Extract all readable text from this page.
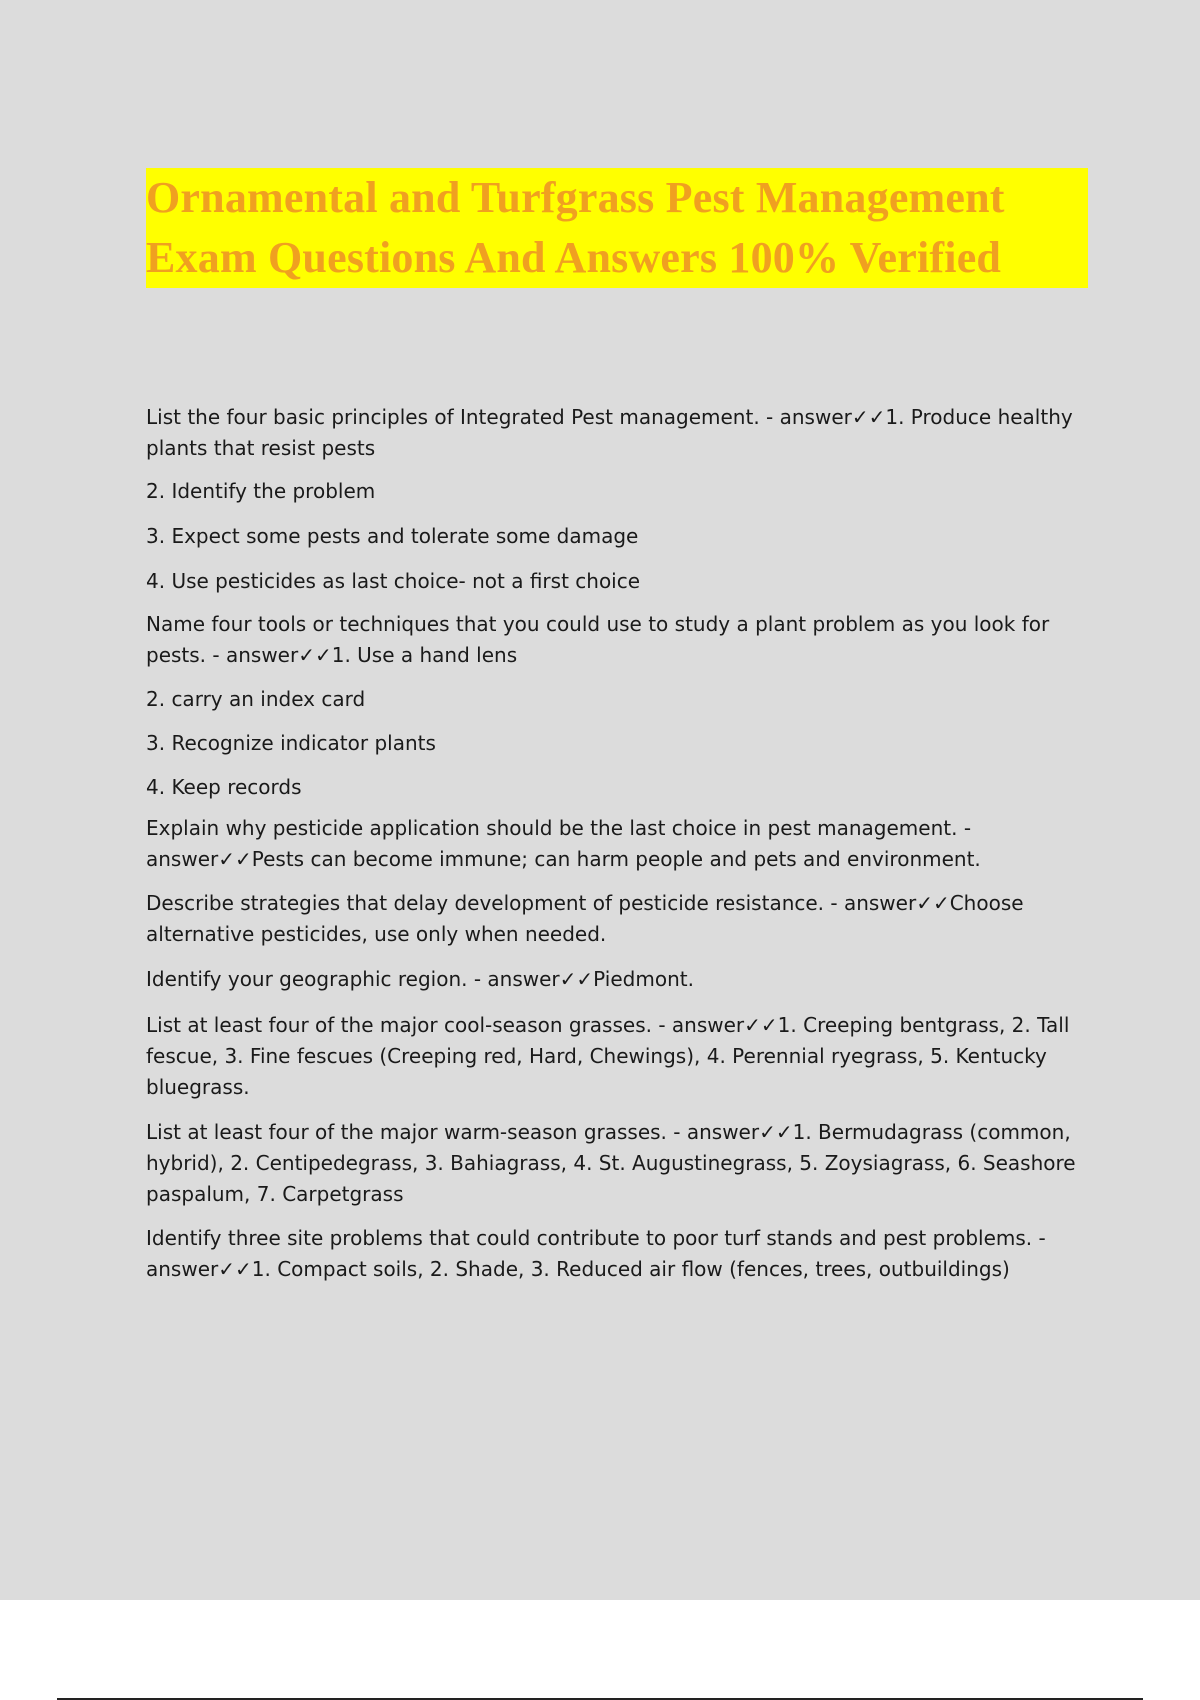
Ornamental and Turfgrass Pest Management
Exam Questions And Answers 100% Verified

List the four basic principles of Integrated Pest management. - answer✓✓1. Produce healthy
plants that resist pests

2. Identify the problem

3. Expect some pests and tolerate some damage

4. Use pesticides as last choice- not a first choice

Name four tools or techniques that you could use to study a plant problem as you look for
pests. - answer✓✓1. Use a hand lens

2. carry an index card

3. Recognize indicator plants

4. Keep records

Explain why pesticide application should be the last choice in pest management. -
answer✓✓Pests can become immune; can harm people and pets and environment.

Describe strategies that delay development of pesticide resistance. - answer✓✓Choose
alternative pesticides, use only when needed.

Identify your geographic region. - answer✓✓Piedmont.

List at least four of the major cool-season grasses. - answer✓✓1. Creeping bentgrass, 2. Tall
fescue, 3. Fine fescues (Creeping red, Hard, Chewings), 4. Perennial ryegrass, 5. Kentucky
bluegrass.

List at least four of the major warm-season grasses. - answer✓✓1. Bermudagrass (common,
hybrid), 2. Centipedegrass, 3. Bahiagrass, 4. St. Augustinegrass, 5. Zoysiagrass, 6. Seashore
paspalum, 7. Carpetgrass

Identify three site problems that could contribute to poor turf stands and pest problems. -
answer✓✓1. Compact soils, 2. Shade, 3. Reduced air flow (fences, trees, outbuildings)
